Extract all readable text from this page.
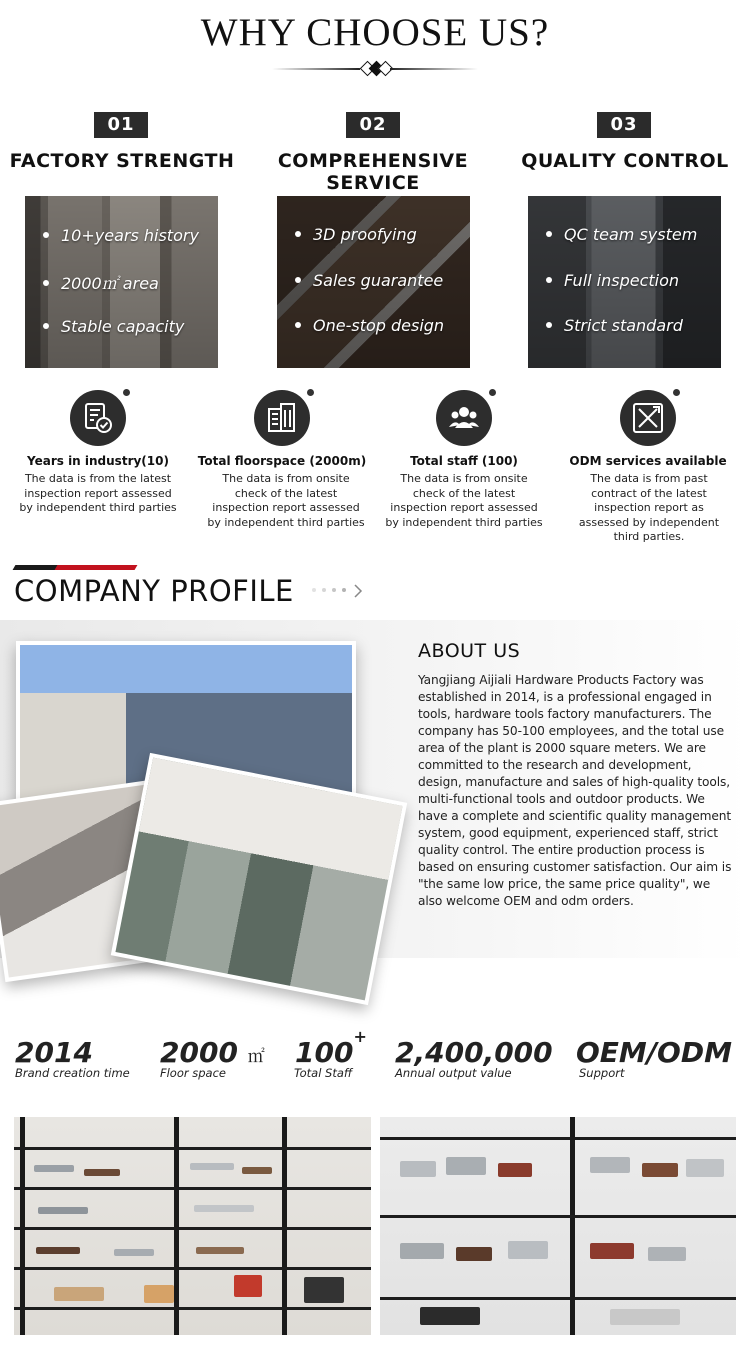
WHY CHOOSE US?
01
FACTORY STRENGTH
10+years history
2000㎡ area
Stable capacity
02
COMPREHENSIVE SERVICE
3D proofying
Sales guarantee
One-stop design
03
QUALITY CONTROL
QC team system
Full inspection
Strict standard
Years in industry(10)
The data is from the latest inspection report assessed by independent third parties
Total floorspace (2000m)
The data is from onsite check of the latest inspection report assessed by independent third parties
Total staff (100)
The data is from onsite check of the latest inspection report assessed by independent third parties
ODM services available
The data is from past contract of the latest inspection report as assessed by independent third parties.
COMPANY PROFILE
ABOUT US
Yangjiang Aijiali Hardware Products Factory was established in 2014, is a professional engaged in tools, hardware tools factory manufacturers. The company has 50-100 employees, and the total use area of the plant is 2000 square meters. We are committed to the research and development, design, manufacture and sales of high-quality tools, multi-functional tools and outdoor products. We have a complete and scientific quality management system, good equipment, experienced staff, strict quality control. The entire production process is based on ensuring customer satisfaction. Our aim is "the same low price, the same price quality", we also welcome OEM and odm orders.
2014
Brand creation time
2000 ㎡
Floor space
100+
Total Staff
2,400,000
Annual output value
OEM/ODM
Support
